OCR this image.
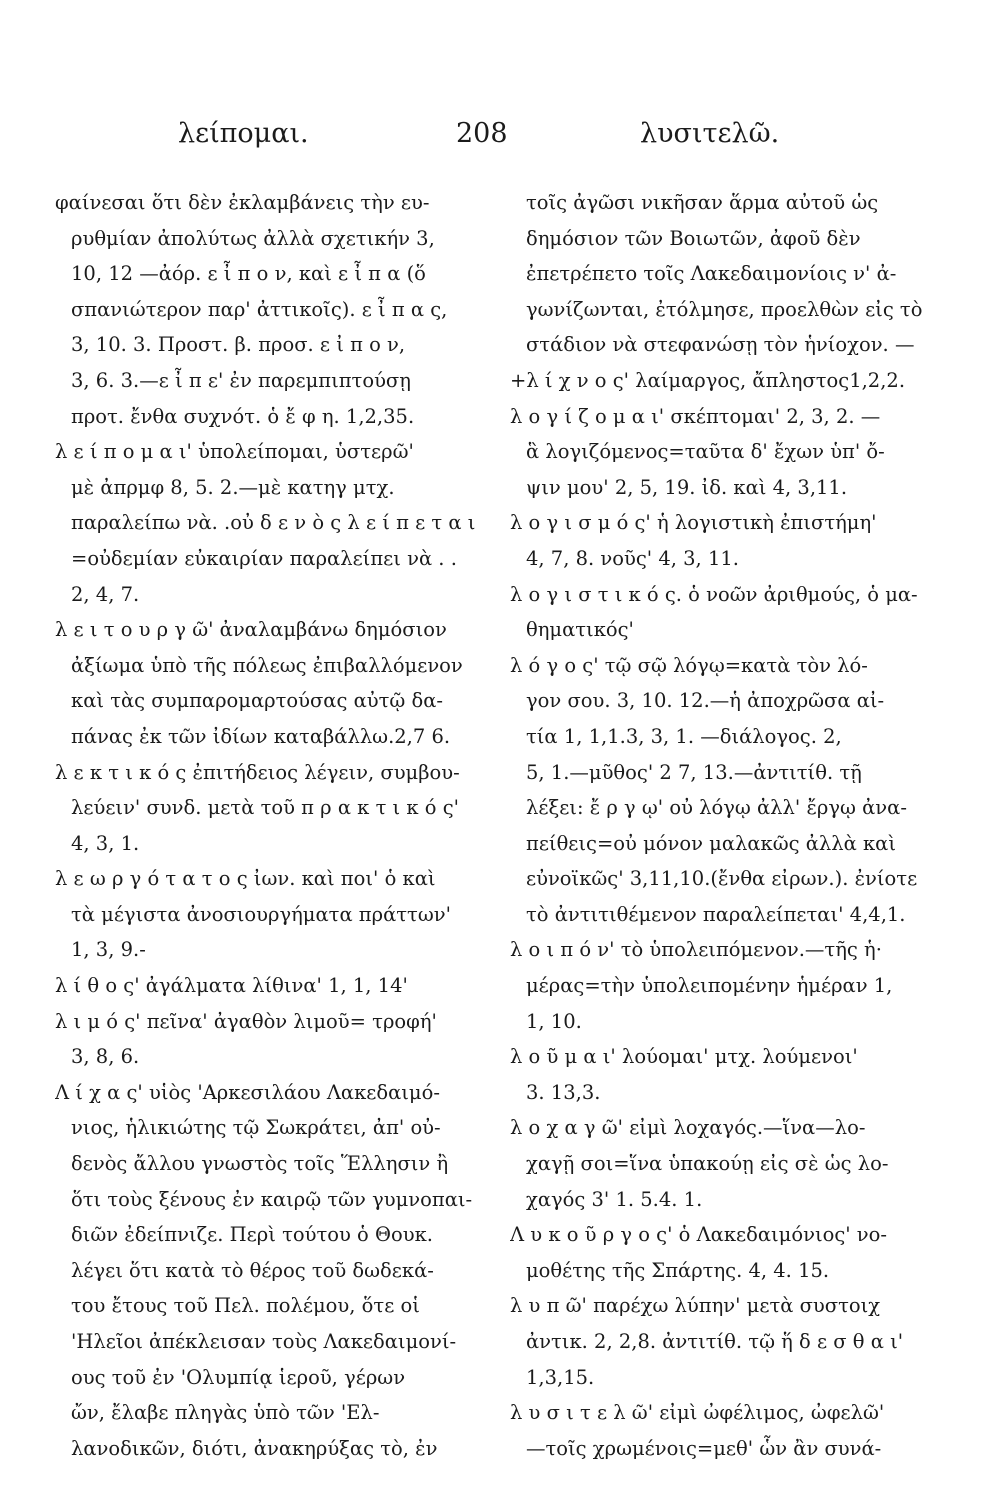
λείπομαι.	208	λυσιτελῶ.
φαίνεσαι ὅτι δὲν ἐκλαμβάνεις τὴν ευ-
ρυθμίαν ἀπολύτως ἀλλὰ σχετικήν 3,
10, 12 —ἀόρ. ε ἶ π ο ν, καὶ ε ἶ π α (ὅ
σπανιώτερον παρ' ἀττικοῖς). ε ἶ π α ς,
3, 10. 3. Προστ. β. προσ. ε ἰ π ο ν,
3, 6. 3.—ε ἶ π ε' ἐν παρεμπιπτούσῃ
προτ. ἔνθα συχνότ. ὁ ἔ φ η. 1,2,35.
λ ε ί π ο μ α ι' ὑπολείπομαι, ὑστερῶ'
μὲ ἀπρμφ 8, 5. 2.—μὲ κατηγ μτχ.
παραλείπω νὰ. .οὐ δ ε ν ὸ ς λ ε ί π ε τ α ι
=οὐδεμίαν εὐκαιρίαν παραλείπει νὰ . .
2, 4, 7.
λ ε ι τ ο υ ρ γ ῶ' ἀναλαμβάνω δημόσιον
ἀξίωμα ὑπὸ τῆς πόλεως ἐπιβαλλόμενον
καὶ τὰς συμπαρομαρτούσας αὐτῷ δα-
πάνας ἐκ τῶν ἰδίων καταβάλλω.2,7 6.
λ ε κ τ ι κ ό ς ἐπιτήδειος λέγειν, συμβου-
λεύειν' συνδ. μετὰ τοῦ π ρ α κ τ ι κ ό ς'
4, 3, 1.
λ ε ω ρ γ ό τ α τ ο ς ἰων. καὶ ποι' ὁ καὶ
τὰ μέγιστα ἀνοσιουργήματα πράττων'
1, 3, 9.-
λ ί θ ο ς' ἀγάλματα λίθινα' 1, 1, 14'
λ ι μ ό ς' πεῖνα' ἀγαθὸν λιμοῦ= τροφή'
3, 8, 6.
Λ ί χ α ς' υἱὸς 'Αρκεσιλάου Λακεδαιμό-
νιος, ἡλικιώτης τῷ Σωκράτει, ἀπ' οὐ-
δενὸς ἄλλου γνωστὸς τοῖς Ἕλλησιν ἢ
ὅτι τοὺς ξένους ἐν καιρῷ τῶν γυμνοπαι-
διῶν ἐδείπνιζε. Περὶ τούτου ὁ Θουκ.
λέγει ὅτι κατὰ τὸ θέρος τοῦ δωδεκά-
του ἔτους τοῦ Πελ. πολέμου, ὅτε οἱ
'Ηλεῖοι ἀπέκλεισαν τοὺς Λακεδαιμονί-
ους τοῦ ἐν 'Ολυμπίᾳ ἱεροῦ, γέρων
ὤν, ἔλαβε πληγὰς ὑπὸ τῶν 'Ελ-
λανοδικῶν, διότι, ἀνακηρύξας τὸ, ἐν
τοῖς ἀγῶσι νικῆσαν ἅρμα αὐτοῦ ὡς
δημόσιον τῶν Βοιωτῶν, ἀφοῦ δὲν
ἐπετρέπετο τοῖς Λακεδαιμονίοις ν' ἀ-
γωνίζωνται, ἐτόλμησε, προελθὼν εἰς τὸ
στάδιον νὰ στεφανώσῃ τὸν ἡνίοχον. —
+λ ί χ ν ο ς' λαίμαργος, ἄπληστος1,2,2.
λ ο γ ί ζ ο μ α ι' σκέπτομαι' 2, 3, 2. —
ἃ λογιζόμενος=ταῦτα δ' ἔχων ὑπ' ὄ-
ψιν μου' 2, 5, 19. ἰδ. καὶ 4, 3,11.
λ ο γ ι σ μ ό ς' ἡ λογιστικὴ ἐπιστήμη'
4, 7, 8. νοῦς' 4, 3, 11.
λ ο γ ι σ τ ι κ ό ς. ὁ νοῶν ἀριθμούς, ὁ μα-
θηματικός'
λ ό γ ο ς' τῷ σῷ λόγῳ=κατὰ τὸν λό-
γον σου. 3, 10. 12.—ἡ ἀποχρῶσα αἰ-
τία 1, 1,1.3, 3, 1. —διάλογος. 2,
5, 1.—μῦθος' 2 7, 13.—ἀντιτίθ. τῇ
λέξει: ἔ ρ γ ῳ' οὐ λόγῳ ἀλλ' ἔργῳ ἀνα-
πείθεις=οὐ μόνον μαλακῶς ἀλλὰ καὶ
εὐνοϊκῶς' 3,11,10.(ἔνθα εἰρων.). ἐνίοτε
τὸ ἀντιτιθέμενον παραλείπεται' 4,4,1.
λ ο ι π ό ν' τὸ ὑπολειπόμενον.—τῆς ἡ·
μέρας=τὴν ὑπολειπομένην ἡμέραν 1,
1, 10.
λ ο ῦ μ α ι' λούομαι' μτχ. λούμενοι'
3. 13,3.
λ ο χ α γ ῶ' εἰμὶ λοχαγός.—ἵνα—λο-
χαγῇ σοι=ἵνα ὑπακούῃ εἰς σὲ ὡς λο-
χαγός 3' 1. 5.4. 1.
Λ υ κ ο ῦ ρ γ ο ς' ὁ Λακεδαιμόνιος' νο-
μοθέτης τῆς Σπάρτης. 4, 4. 15.
λ υ π ῶ' παρέχω λύπην' μετὰ συστοιχ
ἀντικ. 2, 2,8. ἀντιτίθ. τῷ ἥ δ ε σ θ α ι'
1,3,15.
λ υ σ ι τ ε λ ῶ' εἰμὶ ὠφέλιμος, ὠφελῶ'
—τοῖς χρωμένοις=μεθ' ὧν ἂν συνά-
